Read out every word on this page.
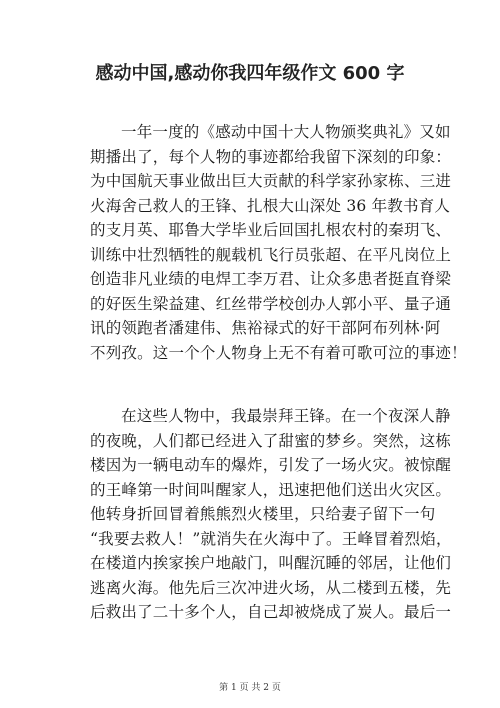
感动中国,感动你我四年级作文 600 字
一年一度的《感动中国十大人物颁奖典礼》又如
期播出了，每个人物的事迹都给我留下深刻的印象：
为中国航天事业做出巨大贡献的科学家孙家栋、三进
火海舍己救人的王锋、扎根大山深处 36 年教书育人
的支月英、耶鲁大学毕业后回国扎根农村的秦玥飞、
训练中壮烈牺牲的舰载机飞行员张超、在平凡岗位上
创造非凡业绩的电焊工李万君、让众多患者挺直脊梁
的好医生梁益建、红丝带学校创办人郭小平、量子通
讯的领跑者潘建伟、焦裕禄式的好干部阿布列林·阿
不列孜。这一个个人物身上无不有着可歌可泣的事迹！
在这些人物中，我最崇拜王锋。在一个夜深人静
的夜晚，人们都已经进入了甜蜜的梦乡。突然，这栋
楼因为一辆电动车的爆炸，引发了一场火灾。被惊醒
的王峰第一时间叫醒家人，迅速把他们送出火灾区。
他转身折回冒着熊熊烈火楼里，只给妻子留下一句
“我要去救人！”就消失在火海中了。王峰冒着烈焰，
在楼道内挨家挨户地敲门，叫醒沉睡的邻居，让他们
逃离火海。他先后三次冲进火场，从二楼到五楼，先
后救出了二十多个人，自己却被烧成了炭人。最后一
第 1 页 共 2 页
